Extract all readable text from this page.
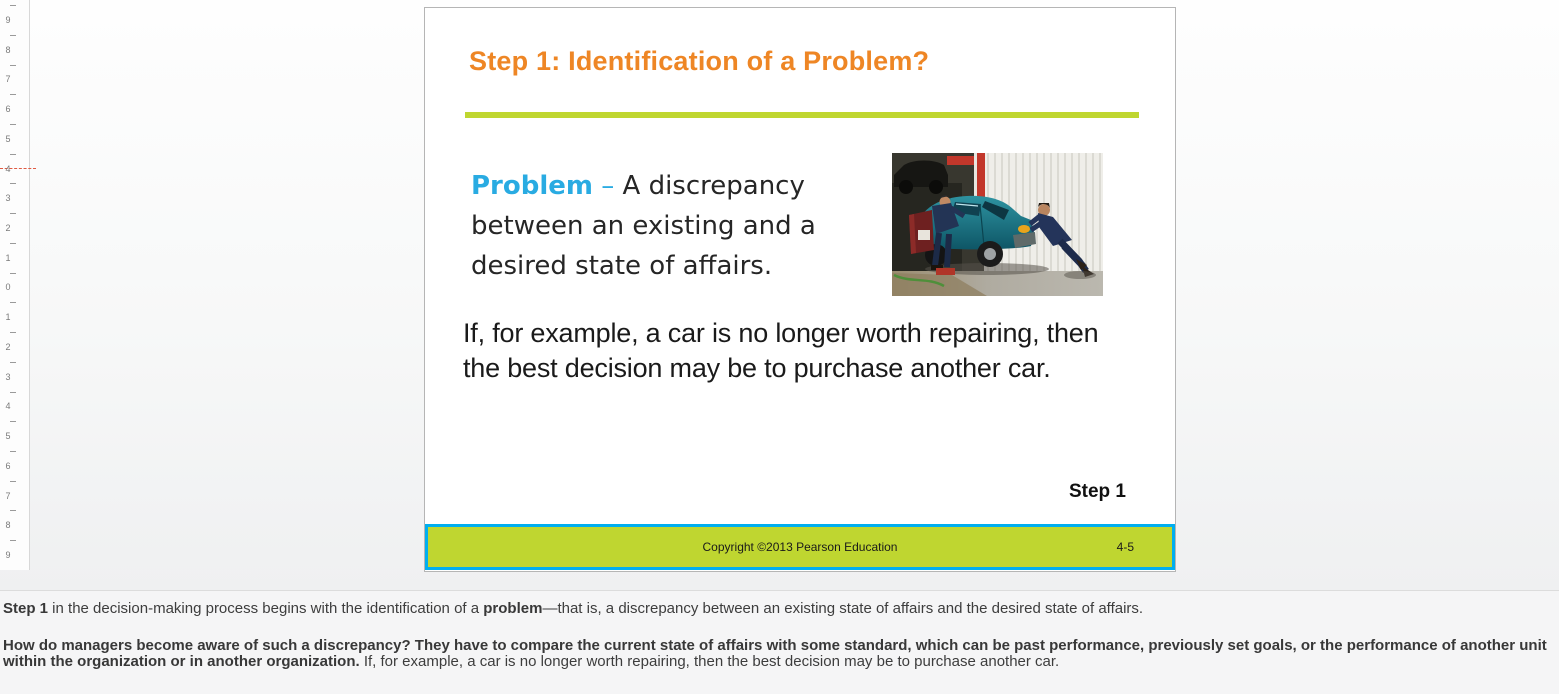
9
8
7
6
5
4
3
2
1
0
1
2
3
4
5
6
7
8
9
Step 1: Identification of a Problem?
Problem – A discrepancy between an existing and a desired state of affairs.
If, for example, a car is no longer worth repairing, then the best decision may be to purchase another car.
Step 1
Copyright ©2013 Pearson Education	4-5

Step 1 in the decision-making process begins with the identification of a problem—that is, a discrepancy between an existing state of affairs and the desired state of affairs.

How do managers become aware of such a discrepancy? They have to compare the current state of affairs with some standard, which can be past performance, previously set goals, or the performance of another unit within the organization or in another organization. If, for example, a car is no longer worth repairing, then the best decision may be to purchase another car.
